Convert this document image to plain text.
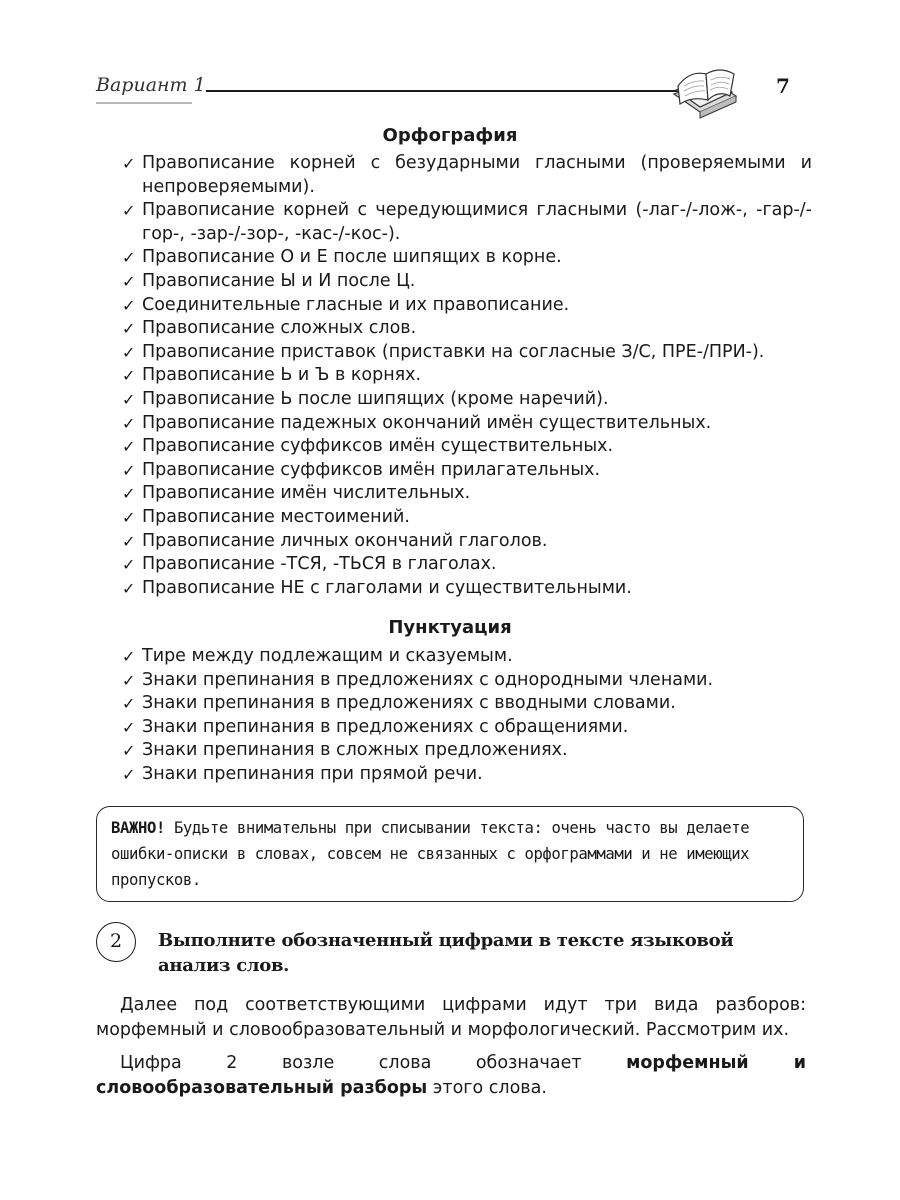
Вариант 1	7
Орфография
✓ Правописание корней с безударными гласными (проверяемыми и непроверяемыми).
✓ Правописание корней с чередующимися гласными (-лаг-/-лож-, -гар-/-гор-, -зар-/-зор-, -кас-/-кос-).
✓ Правописание О и Е после шипящих в корне.
✓ Правописание Ы и И после Ц.
✓ Соединительные гласные и их правописание.
✓ Правописание сложных слов.
✓ Правописание приставок (приставки на согласные З/С, ПРЕ-/ПРИ-).
✓ Правописание Ь и Ъ в корнях.
✓ Правописание Ь после шипящих (кроме наречий).
✓ Правописание падежных окончаний имён существительных.
✓ Правописание суффиксов имён существительных.
✓ Правописание суффиксов имён прилагательных.
✓ Правописание имён числительных.
✓ Правописание местоимений.
✓ Правописание личных окончаний глаголов.
✓ Правописание -ТСЯ, -ТЬСЯ в глаголах.
✓ Правописание НЕ с глаголами и существительными.
Пунктуация
✓ Тире между подлежащим и сказуемым.
✓ Знаки препинания в предложениях с однородными членами.
✓ Знаки препинания в предложениях с вводными словами.
✓ Знаки препинания в предложениях с обращениями.
✓ Знаки препинания в сложных предложениях.
✓ Знаки препинания при прямой речи.
ВАЖНО! Будьте внимательны при списывании текста: очень часто вы делаете ошибки-описки в словах, совсем не связанных с орфограммами и не имеющих пропусков.
2	Выполните обозначенный цифрами в тексте языковой анализ слов.
Далее под соответствующими цифрами идут три вида разборов: морфемный и словообразовательный и морфологический. Рассмотрим их.
Цифра 2 возле слова обозначает морфемный и словообразовательный разборы этого слова.
